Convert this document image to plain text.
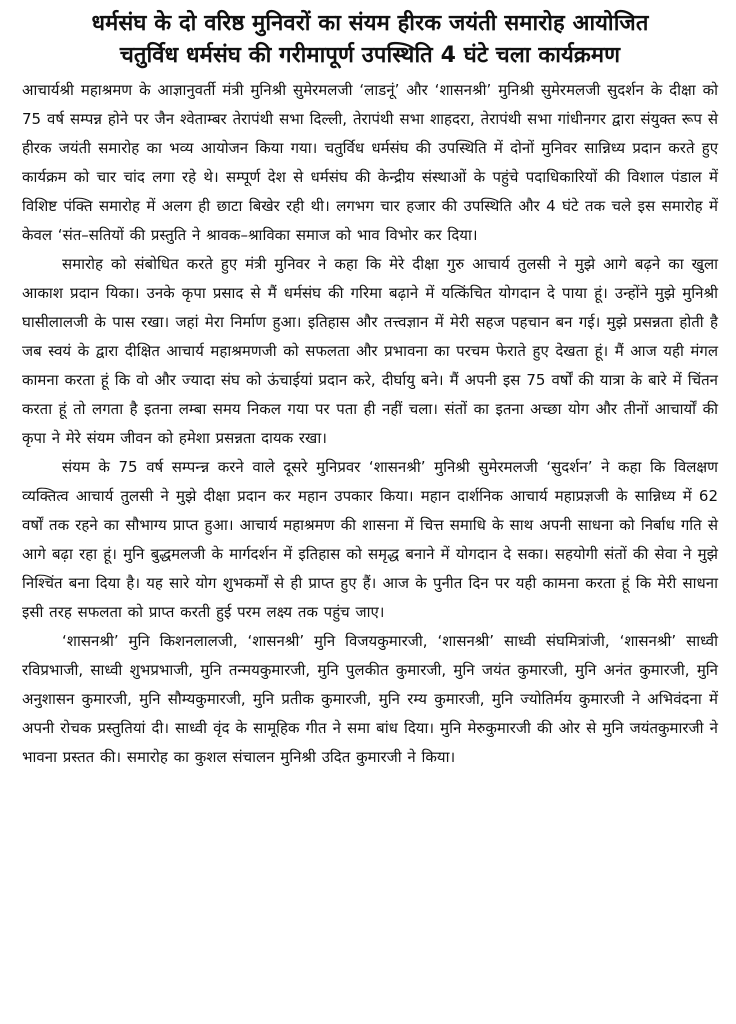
धर्मसंघ के दो वरिष्ठ मुनिवरों का संयम हीरक जयंती समारोह आयोजित
चतुर्विध धर्मसंघ की गरीमापूर्ण उपस्थिति 4 घंटे चला कार्यक्रमण

आचार्यश्री महाश्रमण के आज्ञानुवर्ती मंत्री मुनिश्री सुमेरमलजी ‘लाडनूं’ और ‘शासनश्री’ मुनिश्री सुमेरमलजी सुदर्शन के दीक्षा को 75 वर्ष सम्पन्न होने पर जैन श्वेताम्बर तेरापंथी सभा दिल्ली, तेरापंथी सभा शाहदरा, तेरापंथी सभा गांधीनगर द्वारा संयुक्त रूप से हीरक जयंती समारोह का भव्य आयोजन किया गया। चतुर्विध धर्मसंघ की उपस्थिति में दोनों मुनिवर सान्निध्य प्रदान करते हुए कार्यक्रम को चार चांद लगा रहे थे। सम्पूर्ण देश से धर्मसंघ की केन्द्रीय संस्थाओं के पहुंचे पदाधिकारियों की विशाल पंडाल में विशिष्ट पंक्ति समारोह में अलग ही छाटा बिखेर रही थी। लगभग चार हजार की उपस्थिति और 4 घंटे तक चले इस समारोह में केवल ‘संत–सतियों की प्रस्तुति ने श्रावक–श्राविका समाज को भाव विभोर कर दिया।

समारोह को संबोधित करते हुए मंत्री मुनिवर ने कहा कि मेरे दीक्षा गुरु आचार्य तुलसी ने मुझे आगे बढ़ने का खुला आकाश प्रदान यिका। उनके कृपा प्रसाद से मैं धर्मसंघ की गरिमा बढ़ाने में यत्किंचित योगदान दे पाया हूं। उन्होंने मुझे मुनिश्री घासीलालजी के पास रखा। जहां मेरा निर्माण हुआ। इतिहास और तत्त्वज्ञान में मेरी सहज पहचान बन गई। मुझे प्रसन्नता होती है जब स्वयं के द्वारा दीक्षित आचार्य महाश्रमणजी को सफलता और प्रभावना का परचम फेराते हुए देखता हूं। मैं आज यही मंगल कामना करता हूं कि वो और ज्यादा संघ को ऊंचाईयां प्रदान करे, दीर्घायु बने। मैं अपनी इस 75 वर्षों की यात्रा के बारे में चिंतन करता हूं तो लगता है इतना लम्बा समय निकल गया पर पता ही नहीं चला। संतों का इतना अच्छा योग और तीनों आचार्यों की कृपा ने मेरे संयम जीवन को हमेशा प्रसन्नता दायक रखा।

संयम के 75 वर्ष सम्पन्न्न करने वाले दूसरे मुनिप्रवर ‘शासनश्री’ मुनिश्री सुमेरमलजी ‘सुदर्शन’ ने कहा कि विलक्षण व्यक्तित्व आचार्य तुलसी ने मुझे दीक्षा प्रदान कर महान उपकार किया। महान दार्शनिक आचार्य महाप्रज्ञजी के सान्निध्य में 62 वर्षों तक रहने का सौभाग्य प्राप्त हुआ। आचार्य महाश्रमण की शासना में चित्त समाधि के साथ अपनी साधना को निर्बाध गति से आगे बढ़ा रहा हूं। मुनि बुद्धमलजी के मार्गदर्शन में इतिहास को समृद्ध बनाने में योगदान दे सका। सहयोगी संतों की सेवा ने मुझे निश्चिंत बना दिया है। यह सारे योग शुभकर्मों से ही प्राप्त हुए हैं। आज के पुनीत दिन पर यही कामना करता हूं कि मेरी साधना इसी तरह सफलता को प्राप्त करती हुई परम लक्ष्य तक पहुंच जाए।

‘शासनश्री’ मुनि किशनलालजी, ‘शासनश्री’ मुनि विजयकुमारजी, ‘शासनश्री’ साध्वी संघमित्रांजी, ‘शासनश्री’ साध्वी रविप्रभाजी, साध्वी शुभप्रभाजी, मुनि तन्मयकुमारजी, मुनि पुलकीत कुमारजी, मुनि जयंत कुमारजी, मुनि अनंत कुमारजी, मुनि अनुशासन कुमारजी, मुनि सौम्यकुमारजी, मुनि प्रतीक कुमारजी, मुनि रम्य कुमारजी, मुनि ज्योतिर्मय कुमारजी ने अभिवंदना में अपनी रोचक प्रस्तुतियां दी। साध्वी वृंद के सामूहिक गीत ने समा बांध दिया। मुनि मेरुकुमारजी की ओर से मुनि जयंतकुमारजी ने भावना प्रस्तत की। समारोह का कुशल संचालन मुनिश्री उदित कुमारजी ने किया।
